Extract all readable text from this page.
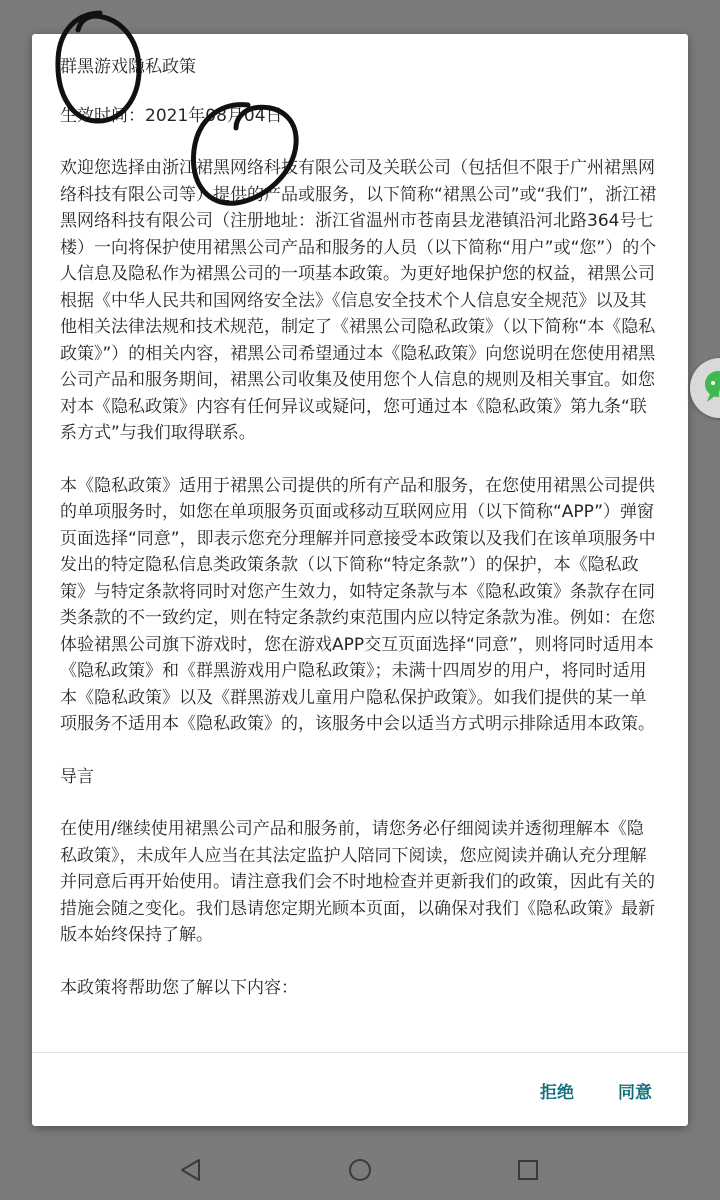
群黑游戏隐私政策

生效时间：2021年08月04日

欢迎您选择由浙江裙黑网络科技有限公司及关联公司（包括但不限于广州裙黑网络科技有限公司等）提供的产品或服务，以下简称“裙黑公司”或“我们”，浙江裙黑网络科技有限公司（注册地址：浙江省温州市苍南县龙港镇沿河北路364号七楼）一向将保护使用裙黑公司产品和服务的人员（以下简称“用户”或“您”）的个人信息及隐私作为裙黑公司的一项基本政策。为更好地保护您的权益，裙黑公司根据《中华人民共和国网络安全法》《信息安全技术个人信息安全规范》以及其他相关法律法规和技术规范，制定了《裙黑公司隐私政策》（以下简称“本《隐私政策》”）的相关内容，裙黑公司希望通过本《隐私政策》向您说明在您使用裙黑公司产品和服务期间，裙黑公司收集及使用您个人信息的规则及相关事宜。如您对本《隐私政策》内容有任何异议或疑问，您可通过本《隐私政策》第九条“联系方式”与我们取得联系。

本《隐私政策》适用于裙黑公司提供的所有产品和服务，在您使用裙黑公司提供的单项服务时，如您在单项服务页面或移动互联网应用（以下简称“APP”）弹窗页面选择“同意”，即表示您充分理解并同意接受本政策以及我们在该单项服务中发出的特定隐私信息类政策条款（以下简称“特定条款”）的保护，本《隐私政策》与特定条款将同时对您产生效力，如特定条款与本《隐私政策》条款存在同类条款的不一致约定，则在特定条款约束范围内应以特定条款为准。例如：在您体验裙黑公司旗下游戏时，您在游戏APP交互页面选择“同意”，则将同时适用本《隐私政策》和《群黑游戏用户隐私政策》；未满十四周岁的用户，将同时适用本《隐私政策》以及《群黑游戏儿童用户隐私保护政策》。如我们提供的某一单项服务不适用本《隐私政策》的，该服务中会以适当方式明示排除适用本政策。

导言

在使用/继续使用裙黑公司产品和服务前，请您务必仔细阅读并透彻理解本《隐私政策》，未成年人应当在其法定监护人陪同下阅读，您应阅读并确认充分理解并同意后再开始使用。请注意我们会不时地检查并更新我们的政策，因此有关的措施会随之变化。我们恳请您定期光顾本页面，以确保对我们《隐私政策》最新版本始终保持了解。

本政策将帮助您了解以下内容：

拒绝	同意
